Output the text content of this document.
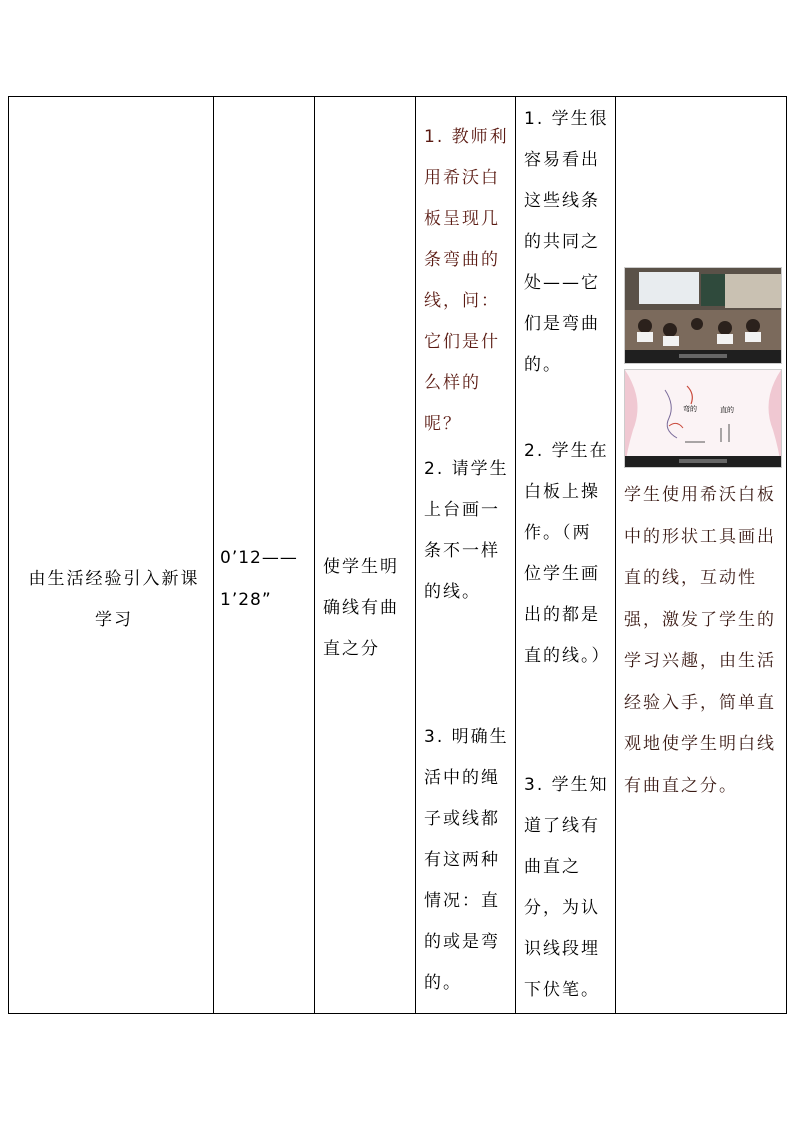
由生活经验引入新课学习
0’12——1’28”
使学生明确线有曲直之分
1. 教师利用希沃白板呈现几条弯曲的线，问：它们是什么样的呢？
2. 请学生上台画一条不一样的线。
3. 明确生活中的绳子或线都有这两种情况：直的或是弯的。
1. 学生很容易看出这些线条的共同之处——它们是弯曲的。
2. 学生在白板上操作。（两位学生画出的都是直的线。）
3. 学生知道了线有曲直之分，为认识线段埋下伏笔。
弯的	直的
学生使用希沃白板中的形状工具画出直的线，互动性强，激发了学生的学习兴趣，由生活经验入手，简单直观地使学生明白线有曲直之分。
